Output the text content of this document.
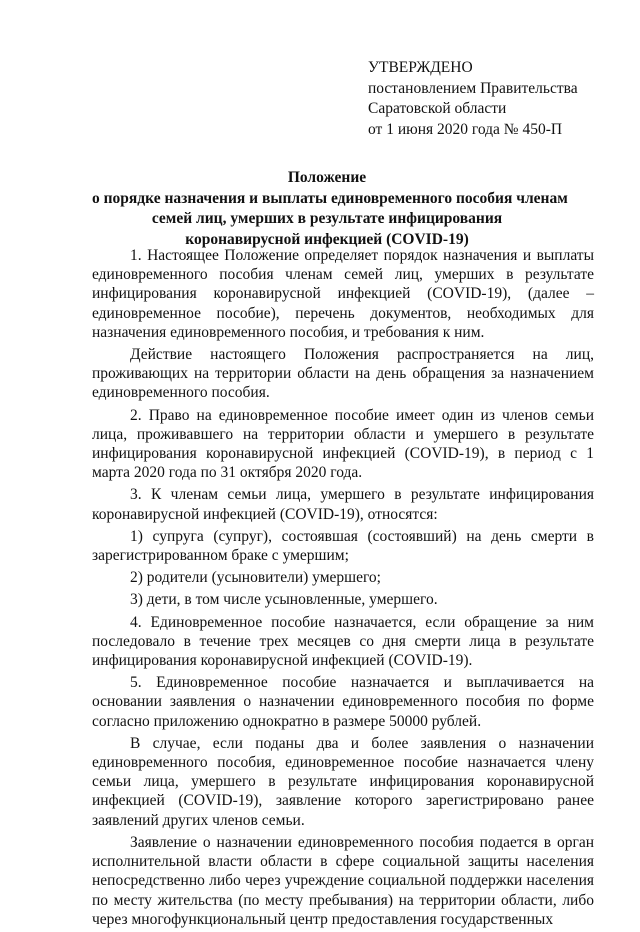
УТВЕРЖДЕНО
постановлением Правительства
Саратовской области
от 1 июня 2020 года № 450-П
Положение
о порядке назначения и выплаты единовременного пособия членам
семей лиц, умерших в результате инфицирования
коронавирусной инфекцией (COVID-19)

1. Настоящее Положение определяет порядок назначения и выплаты единовременного пособия членам семей лиц, умерших в результате инфицирования коронавирусной инфекцией (COVID-19), (далее – единовременное пособие), перечень документов, необходимых для назначения единовременного пособия, и требования к ним.

Действие настоящего Положения распространяется на лиц, проживающих на территории области на день обращения за назначением единовременного пособия.

2. Право на единовременное пособие имеет один из членов семьи лица, проживавшего на территории области и умершего в результате инфицирования коронавирусной инфекцией (COVID-19), в период с 1 марта 2020 года по 31 октября 2020 года.

3. К членам семьи лица, умершего в результате инфицирования коронавирусной инфекцией (COVID-19), относятся:

1) супруга (супруг), состоявшая (состоявший) на день смерти в зарегистрированном браке с умершим;

2) родители (усыновители) умершего;

3) дети, в том числе усыновленные, умершего.

4. Единовременное пособие назначается, если обращение за ним последовало в течение трех месяцев со дня смерти лица в результате инфицирования коронавирусной инфекцией (COVID-19).

5. Единовременное пособие назначается и выплачивается на основании заявления о назначении единовременного пособия по форме согласно приложению однократно в размере 50000 рублей.

В случае, если поданы два и более заявления о назначении единовременного пособия, единовременное пособие назначается члену семьи лица, умершего в результате инфицирования коронавирусной инфекцией (COVID-19), заявление которого зарегистрировано ранее заявлений других членов семьи.

Заявление о назначении единовременного пособия подается в орган исполнительной власти области в сфере социальной защиты населения непосредственно либо через учреждение социальной поддержки населения по месту жительства (по месту пребывания) на территории области, либо через многофункциональный центр предоставления государственных
